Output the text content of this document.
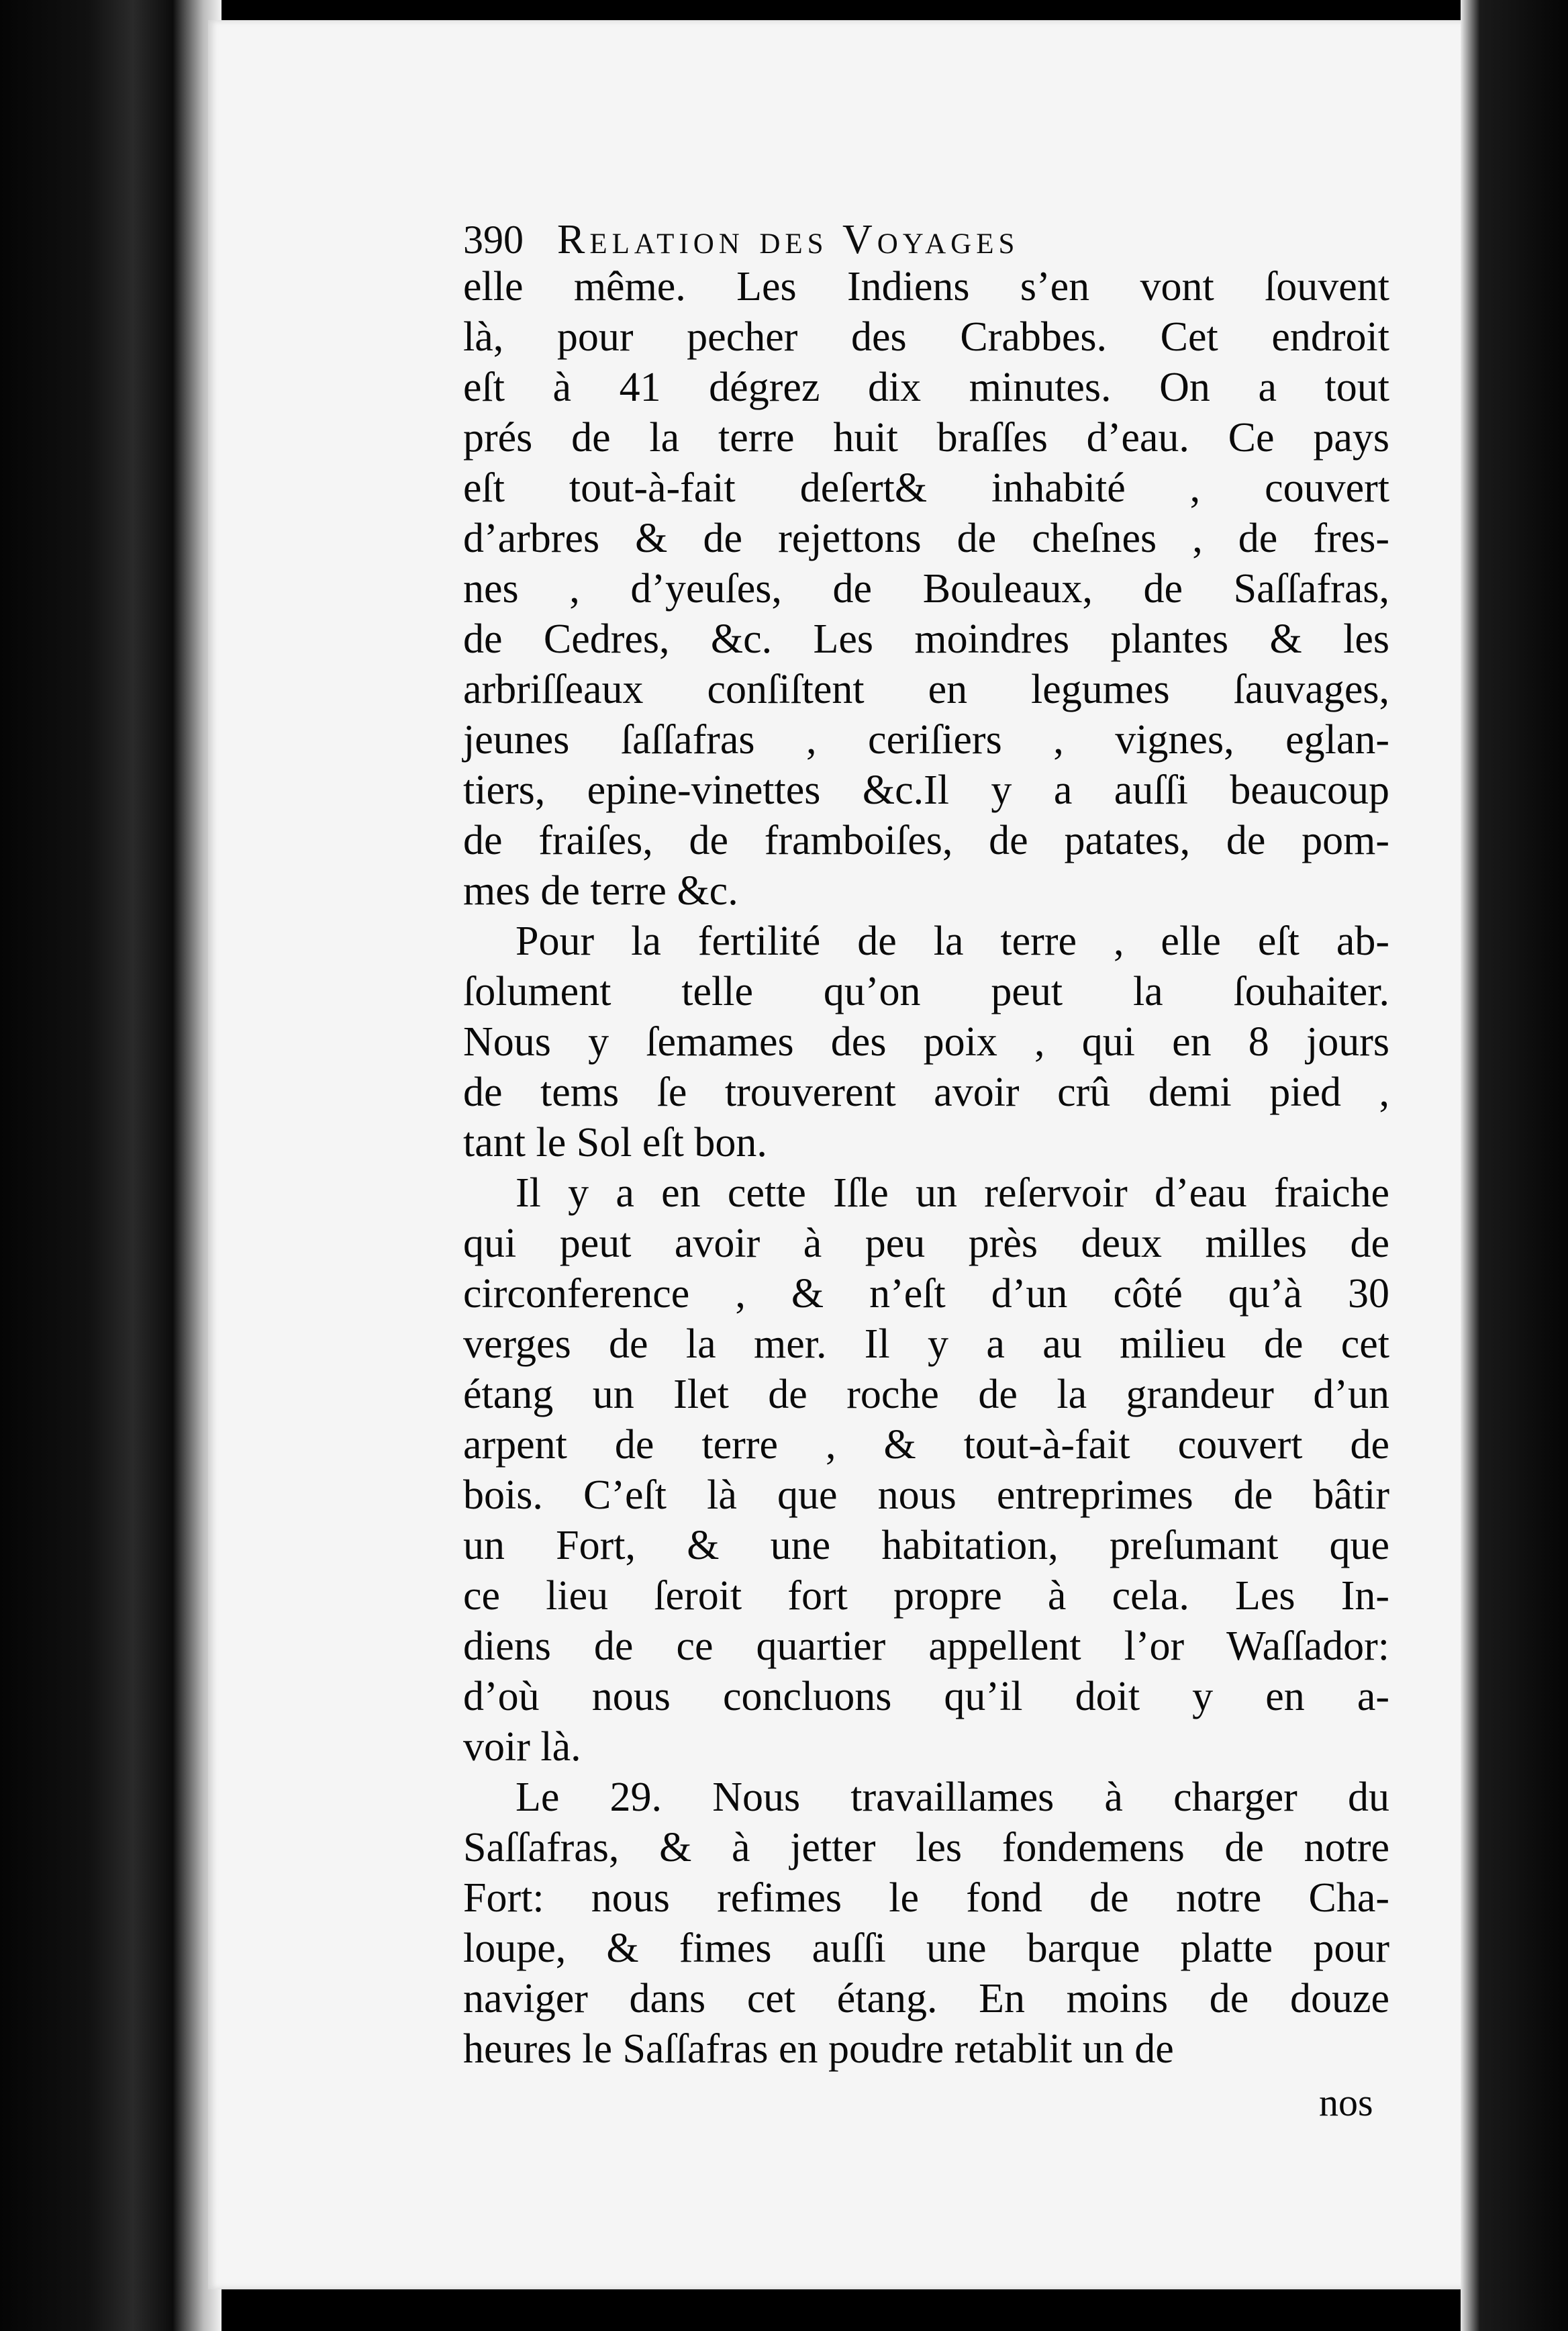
390 Relation des Voyages
elle même. Les Indiens s’en vont ſouvent
là, pour pecher des Crabbes. Cet endroit
eſt à 41 dégrez dix minutes. On a tout
prés de la terre huit braſſes d’eau. Ce pays
eſt tout-à-fait deſert& inhabité , couvert
d’arbres & de rejettons de cheſnes , de fres-
nes , d’yeuſes, de Bouleaux, de Saſſafras,
de Cedres, &c. Les moindres plantes & les
arbriſſeaux conſiſtent en legumes ſauvages,
jeunes ſaſſafras , ceriſiers , vignes, eglan-
tiers, epine-vinettes &c.Il y a auſſi beaucoup
de fraiſes, de framboiſes, de patates, de pom-
mes de terre &c.
Pour la fertilité de la terre , elle eſt ab-
ſolument telle qu’on peut la ſouhaiter.
Nous y ſemames des poix , qui en 8 jours
de tems ſe trouverent avoir crû demi pied ,
tant le Sol eſt bon.
Il y a en cette Iſle un reſervoir d’eau fraiche
qui peut avoir à peu près deux milles de
circonference , & n’eſt d’un côté qu’à 30
verges de la mer. Il y a au milieu de cet
étang un Ilet de roche de la grandeur d’un
arpent de terre , & tout-à-fait couvert de
bois. C’eſt là que nous entreprimes de bâtir
un Fort, & une habitation, preſumant que
ce lieu ſeroit fort propre à cela. Les In-
diens de ce quartier appellent l’or Waſſador:
d’où nous concluons qu’il doit y en a-
voir là.
Le 29. Nous travaillames à charger du
Saſſafras, & à jetter les fondemens de notre
Fort: nous refimes le fond de notre Cha-
loupe, & fimes auſſi une barque platte pour
naviger dans cet étang. En moins de douze
heures le Saſſafras en poudre retablit un de
nos
